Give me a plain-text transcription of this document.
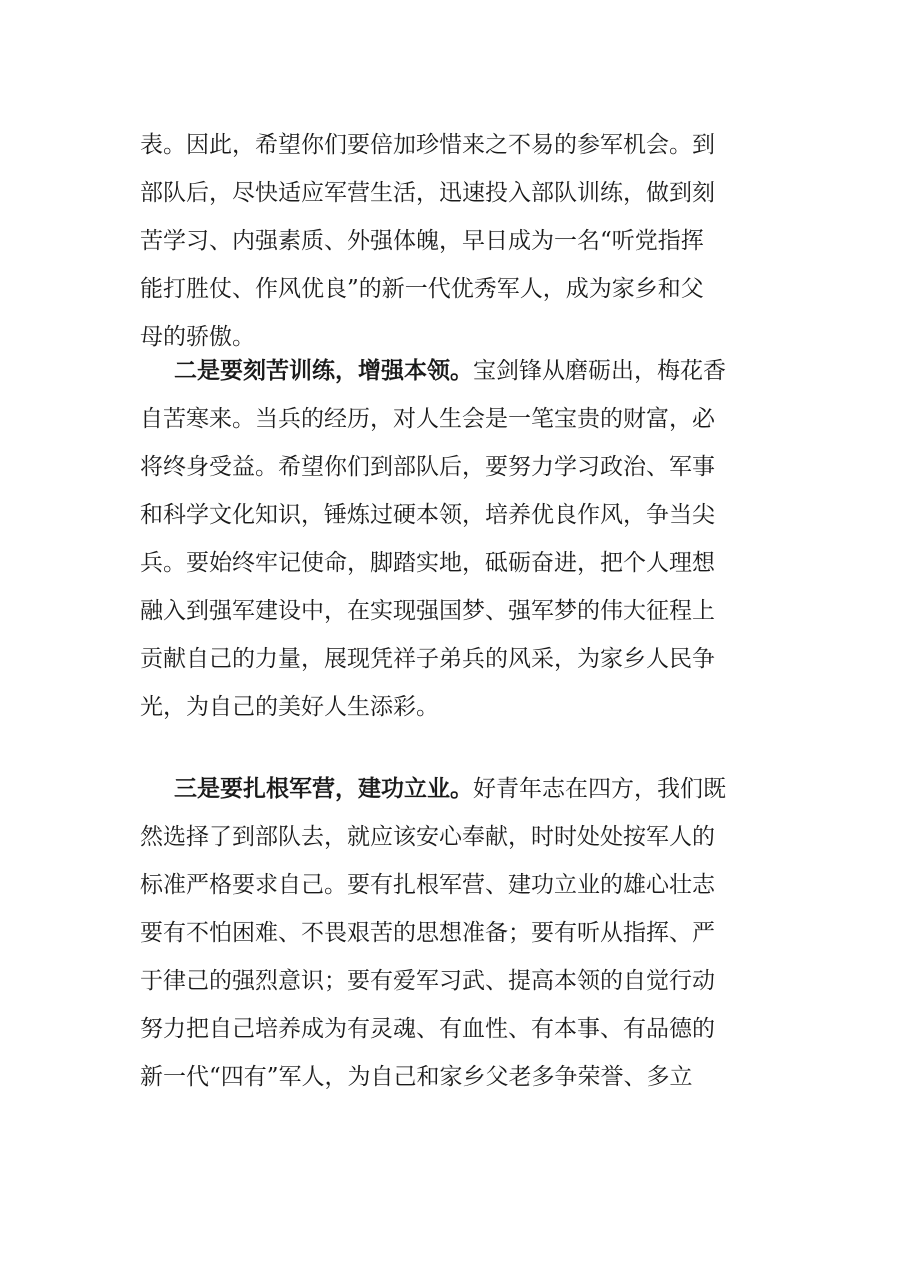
表。因此，希望你们要倍加珍惜来之不易的参军机会。到
部队后，尽快适应军营生活，迅速投入部队训练，做到刻
苦学习、内强素质、外强体魄，早日成为一名“听党指挥
能打胜仗、作风优良”的新一代优秀军人，成为家乡和父
母的骄傲。
二是要刻苦训练，增强本领。宝剑锋从磨砺出，梅花香
自苦寒来。当兵的经历，对人生会是一笔宝贵的财富，必
将终身受益。希望你们到部队后，要努力学习政治、军事
和科学文化知识，锤炼过硬本领，培养优良作风，争当尖
兵。要始终牢记使命，脚踏实地，砥砺奋进，把个人理想
融入到强军建设中，在实现强国梦、强军梦的伟大征程上
贡献自己的力量，展现凭祥子弟兵的风采，为家乡人民争
光，为自己的美好人生添彩。
三是要扎根军营，建功立业。好青年志在四方，我们既
然选择了到部队去，就应该安心奉献，时时处处按军人的
标准严格要求自己。要有扎根军营、建功立业的雄心壮志
要有不怕困难、不畏艰苦的思想准备；要有听从指挥、严
于律己的强烈意识；要有爱军习武、提高本领的自觉行动
努力把自己培养成为有灵魂、有血性、有本事、有品德的
新一代“四有”军人，为自己和家乡父老多争荣誉、多立
